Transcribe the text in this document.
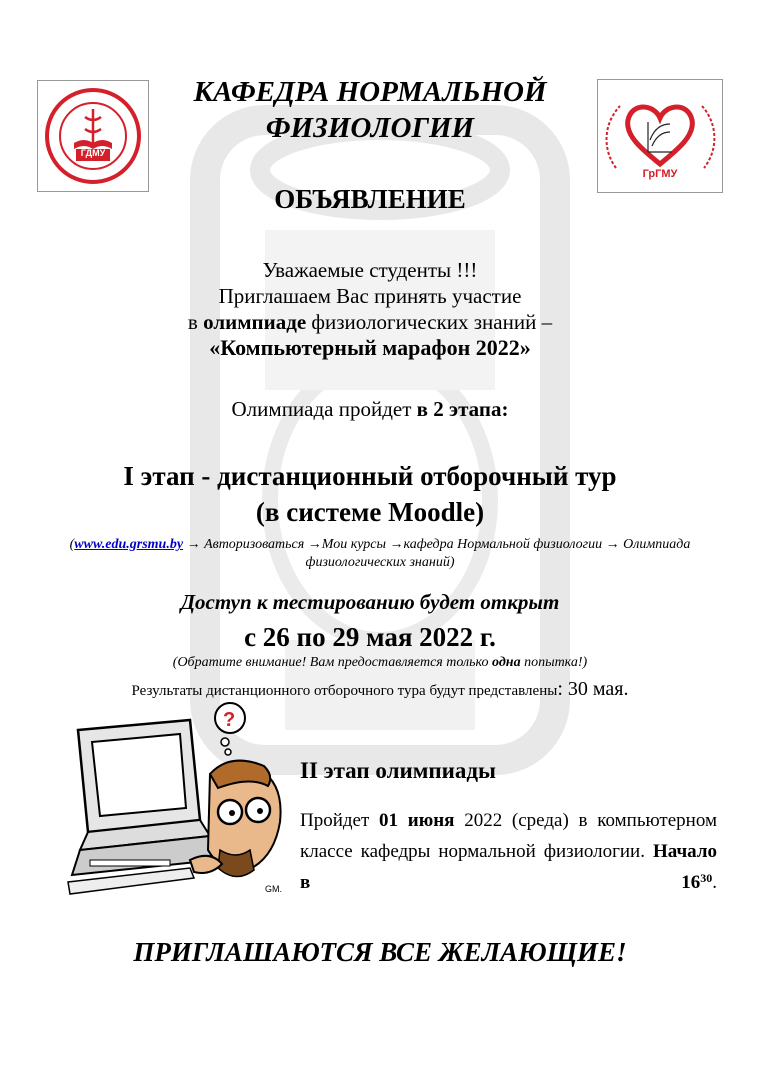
ГДМУ
ГрГМУ
КАФЕДРА НОРМАЛЬНОЙ
ФИЗИОЛОГИИ
ОБЪЯВЛЕНИЕ
Уважаемые студенты !!!
Приглашаем Вас принять участие
в олимпиаде физиологических знаний –
«Компьютерный марафон 2022»
Олимпиада пройдет в 2 этапа:
I этап - дистанционный отборочный тур
(в системе Moodle)
(www.edu.grsmu.by → Авторизоваться →Мои курсы →кафедра Нормальной физиологии → Олимпиада физиологических знаний)
Доступ к тестированию будет открыт
с 26 по 29 мая 2022 г.
(Обратите внимание! Вам предоставляется только одна попытка!)
Результаты дистанционного отборочного тура будут представлены: 30 мая.
?
GM.
II этап олимпиады
Пройдет 01 июня 2022 (среда) в компьютерном классе кафедры нормальной физиологии. Начало в $16^{30}$.
ПРИГЛАШАЮТСЯ ВСЕ ЖЕЛАЮЩИЕ!
